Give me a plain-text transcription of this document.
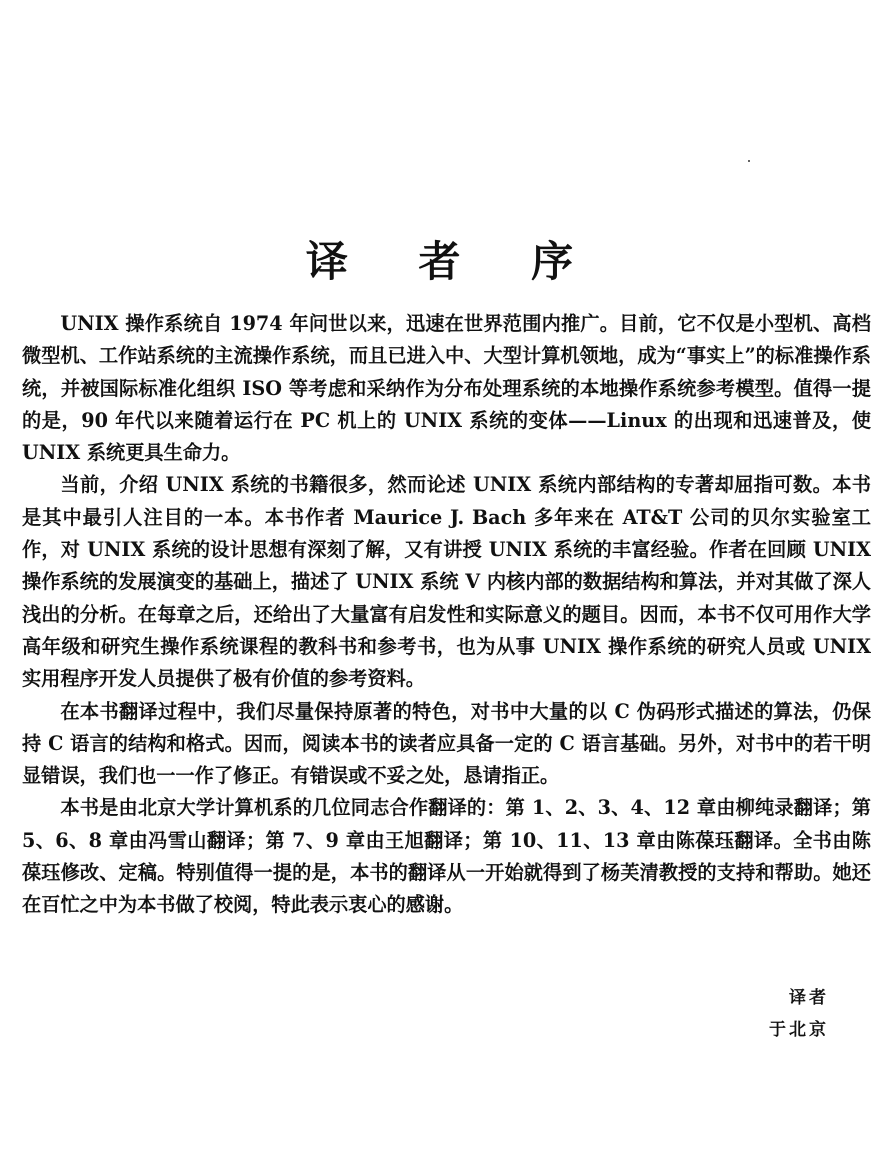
译 者 序

UNIX 操作系统自 1974 年问世以来，迅速在世界范围内推广。目前，它不仅是小型机、高档微型机、工作站系统的主流操作系统，而且已进入中、大型计算机领地，成为“事实上”的标准操作系统，并被国际标准化组织 ISO 等考虑和采纳作为分布处理系统的本地操作系统参考模型。值得一提的是，90 年代以来随着运行在 PC 机上的 UNIX 系统的变体——Linux 的出现和迅速普及，使 UNIX 系统更具生命力。

当前，介绍 UNIX 系统的书籍很多，然而论述 UNIX 系统内部结构的专著却屈指可数。本书是其中最引人注目的一本。本书作者 Maurice J. Bach 多年来在 AT&T 公司的贝尔实验室工作，对 UNIX 系统的设计思想有深刻了解，又有讲授 UNIX 系统的丰富经验。作者在回顾 UNIX 操作系统的发展演变的基础上，描述了 UNIX 系统 V 内核内部的数据结构和算法，并对其做了深人浅出的分析。在每章之后，还给出了大量富有启发性和实际意义的题目。因而，本书不仅可用作大学高年级和研究生操作系统课程的教科书和参考书，也为从事 UNIX 操作系统的研究人员或 UNIX 实用程序开发人员提供了极有价值的参考资料。

在本书翻译过程中，我们尽量保持原著的特色，对书中大量的以 C 伪码形式描述的算法，仍保持 C 语言的结构和格式。因而，阅读本书的读者应具备一定的 C 语言基础。另外，对书中的若干明显错误，我们也一一作了修正。有错误或不妥之处，恳请指正。

本书是由北京大学计算机系的几位同志合作翻译的：第 1、2、3、4、12 章由柳纯录翻译；第 5、6、8 章由冯雪山翻译；第 7、9 章由王旭翻译；第 10、11、13 章由陈葆珏翻译。全书由陈葆珏修改、定稿。特别值得一提的是，本书的翻译从一开始就得到了杨芙清教授的支持和帮助。她还在百忙之中为本书做了校阅，特此表示衷心的感谢。

译者
于北京
